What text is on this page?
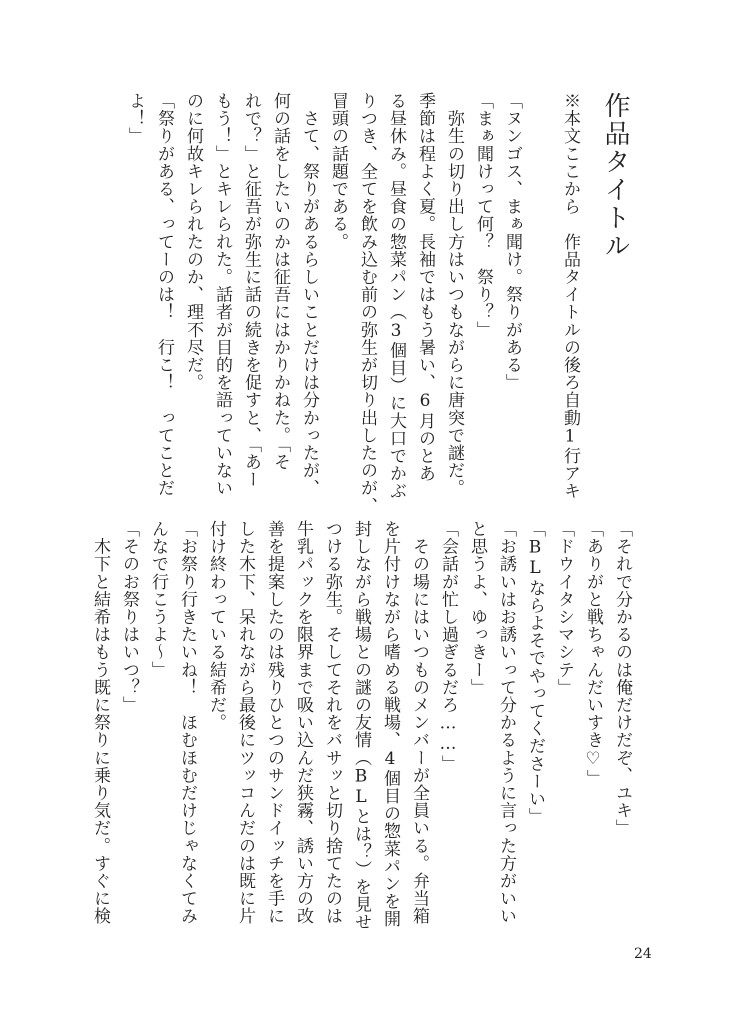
作品タイトル
※本文ここから　作品タイトルの後ろ自動1行アキ

「ヌンゴス、まぁ聞け。祭りがある」
「まぁ聞けって何？　祭り？」
　弥生の切り出し方はいつもながらに唐突で謎だ。
季節は程よく夏。長袖ではもう暑い、6月のとあ
る昼休み。昼食の惣菜パン（3個目）に大口でかぶ
りつき、全てを飲み込む前の弥生が切り出したのが、
冒頭の話題である。
　さて、祭りがあるらしいことだけは分かったが、
何の話をしたいのかは征吾にはかりかねた。「そ
れで？」と征吾が弥生に話の続きを促すと、「あー
もう！」とキレられた。話者が目的を語っていない
のに何故キレられたのか、理不尽だ。
「祭りがある、ってーのは！　行こ！　ってことだ
よ！」
「それで分かるのは俺だけだぞ、ユキ」
「ありがと戦ちゃんだいすき♡」
「ドウイタシマシテ」
「BLならよそでやってくださーい」
「お誘いはお誘いって分かるように言った方がいい
と思うよ、ゆっきー」
「会話が忙し過ぎるだろ……」
　その場にはいつものメンバーが全員いる。弁当箱
を片付けながら嗜める戦場、4個目の惣菜パンを開
封しながら戦場との謎の友情（BLとは？）を見せ
つける弥生。そしてそれをバサッと切り捨てたのは
牛乳パックを限界まで吸い込んだ狭霧、誘い方の改
善を提案したのは残りひとつのサンドイッチを手に
した木下、呆れながら最後にツッコんだのは既に片
付け終わっている結希だ。
「お祭り行きたいね！　ほむほむだけじゃなくてみ
んなで行こうよ～」
「そのお祭りはいつ？」
　木下と結希はもう既に祭りに乗り気だ。すぐに検
24
